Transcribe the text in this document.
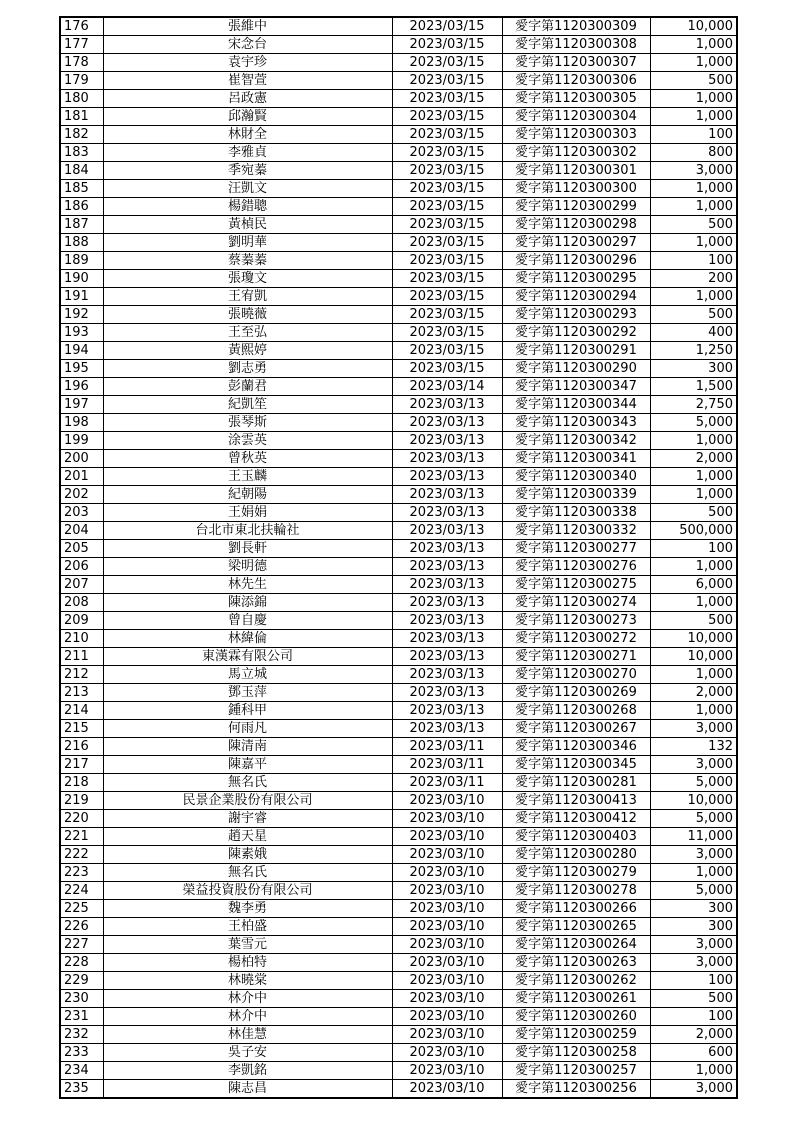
176	張維中	2023/03/15	愛字第1120300309	10,000
177	宋念台	2023/03/15	愛字第1120300308	1,000
178	袁宇珍	2023/03/15	愛字第1120300307	1,000
179	崔智萱	2023/03/15	愛字第1120300306	500
180	呂政憲	2023/03/15	愛字第1120300305	1,000
181	邱瀚賢	2023/03/15	愛字第1120300304	1,000
182	林財全	2023/03/15	愛字第1120300303	100
183	李雅貞	2023/03/15	愛字第1120300302	800
184	季宛蓁	2023/03/15	愛字第1120300301	3,000
185	汪凱文	2023/03/15	愛字第1120300300	1,000
186	楊錯聰	2023/03/15	愛字第1120300299	1,000
187	黃楨民	2023/03/15	愛字第1120300298	500
188	劉明華	2023/03/15	愛字第1120300297	1,000
189	蔡蓁蓁	2023/03/15	愛字第1120300296	100
190	張瓊文	2023/03/15	愛字第1120300295	200
191	王宥凱	2023/03/15	愛字第1120300294	1,000
192	張曉薇	2023/03/15	愛字第1120300293	500
193	王至弘	2023/03/15	愛字第1120300292	400
194	黃熙婷	2023/03/15	愛字第1120300291	1,250
195	劉志勇	2023/03/15	愛字第1120300290	300
196	彭蘭君	2023/03/14	愛字第1120300347	1,500
197	紀凱笙	2023/03/13	愛字第1120300344	2,750
198	張琴斯	2023/03/13	愛字第1120300343	5,000
199	涂雲英	2023/03/13	愛字第1120300342	1,000
200	曾秋英	2023/03/13	愛字第1120300341	2,000
201	王玉麟	2023/03/13	愛字第1120300340	1,000
202	紀朝陽	2023/03/13	愛字第1120300339	1,000
203	王娟娟	2023/03/13	愛字第1120300338	500
204	台北市東北扶輪社	2023/03/13	愛字第1120300332	500,000
205	劉長軒	2023/03/13	愛字第1120300277	100
206	梁明德	2023/03/13	愛字第1120300276	1,000
207	林先生	2023/03/13	愛字第1120300275	6,000
208	陳添錦	2023/03/13	愛字第1120300274	1,000
209	曾自慶	2023/03/13	愛字第1120300273	500
210	林緯倫	2023/03/13	愛字第1120300272	10,000
211	東漢霖有限公司	2023/03/13	愛字第1120300271	10,000
212	馬立城	2023/03/13	愛字第1120300270	1,000
213	鄧玉萍	2023/03/13	愛字第1120300269	2,000
214	鍾科甲	2023/03/13	愛字第1120300268	1,000
215	何雨凡	2023/03/13	愛字第1120300267	3,000
216	陳清南	2023/03/11	愛字第1120300346	132
217	陳嘉平	2023/03/11	愛字第1120300345	3,000
218	無名氏	2023/03/11	愛字第1120300281	5,000
219	民景企業股份有限公司	2023/03/10	愛字第1120300413	10,000
220	謝宇睿	2023/03/10	愛字第1120300412	5,000
221	趙天星	2023/03/10	愛字第1120300403	11,000
222	陳素娥	2023/03/10	愛字第1120300280	3,000
223	無名氏	2023/03/10	愛字第1120300279	1,000
224	榮益投資股份有限公司	2023/03/10	愛字第1120300278	5,000
225	魏李勇	2023/03/10	愛字第1120300266	300
226	王柏盛	2023/03/10	愛字第1120300265	300
227	葉雪元	2023/03/10	愛字第1120300264	3,000
228	楊柏特	2023/03/10	愛字第1120300263	3,000
229	林曉棠	2023/03/10	愛字第1120300262	100
230	林介中	2023/03/10	愛字第1120300261	500
231	林介中	2023/03/10	愛字第1120300260	100
232	林佳慧	2023/03/10	愛字第1120300259	2,000
233	吳子安	2023/03/10	愛字第1120300258	600
234	李凱銘	2023/03/10	愛字第1120300257	1,000
235	陳志昌	2023/03/10	愛字第1120300256	3,000
